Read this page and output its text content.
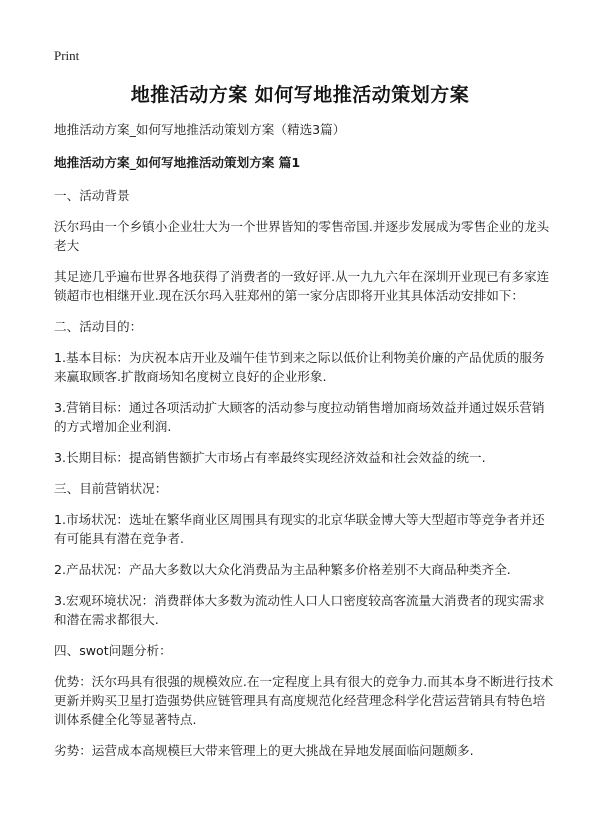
Print
地推活动方案 如何写地推活动策划方案
地推活动方案_如何写地推活动策划方案（精选3篇）
地推活动方案_如何写地推活动策划方案 篇1
一、活动背景
沃尔玛由一个乡镇小企业壮大为一个世界皆知的零售帝国.并逐步发展成为零售企业的龙头老大
其足迹几乎遍布世界各地获得了消费者的一致好评.从一九九六年在深圳开业现已有多家连锁超市也相继开业.现在沃尔玛入驻郑州的第一家分店即将开业其具体活动安排如下：
二、活动目的：
1.基本目标：为庆祝本店开业及端午佳节到来之际以低价让利物美价廉的产品优质的服务来赢取顾客.扩散商场知名度树立良好的企业形象.
3.营销目标：通过各项活动扩大顾客的活动参与度拉动销售增加商场效益并通过娱乐营销的方式增加企业利润.
3.长期目标：提高销售额扩大市场占有率最终实现经济效益和社会效益的统一.
三、目前营销状况：
1.市场状况：选址在繁华商业区周围具有现实的北京华联金博大等大型超市等竞争者并还有可能具有潜在竞争者.
2.产品状况：产品大多数以大众化消费品为主品种繁多价格差别不大商品种类齐全.
3.宏观环境状况：消费群体大多数为流动性人口人口密度较高客流量大消费者的现实需求和潜在需求都很大.
四、swot问题分析：
优势：沃尔玛具有很强的规模效应.在一定程度上具有很大的竞争力.而其本身不断进行技术更新并购买卫星打造强势供应链管理具有高度规范化经营理念科学化营运营销具有特色培训体系健全化等显著特点.
劣势：运营成本高规模巨大带来管理上的更大挑战在异地发展面临问题颇多.
